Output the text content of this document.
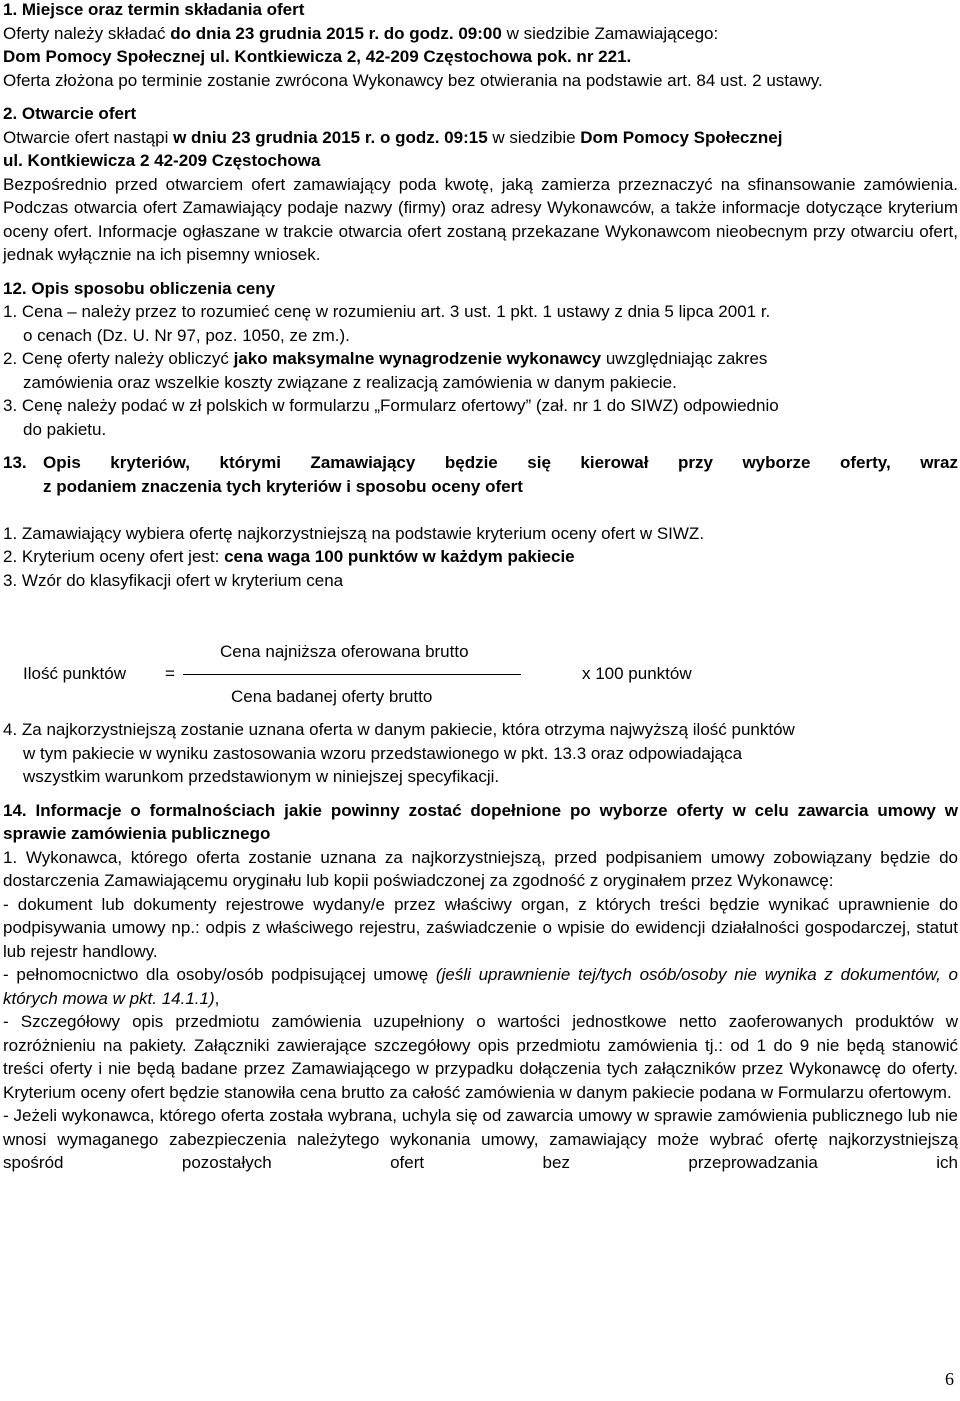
1. Miejsce oraz termin składania ofert

Oferty należy składać do dnia 23 grudnia 2015 r. do godz. 09:00 w siedzibie Zamawiającego:

Dom Pomocy Społecznej ul. Kontkiewicza 2, 42-209 Częstochowa pok. nr 221.

Oferta złożona po terminie zostanie zwrócona Wykonawcy bez otwierania na podstawie art. 84 ust. 2 ustawy.

2. Otwarcie ofert

Otwarcie ofert nastąpi w dniu 23 grudnia 2015 r. o godz. 09:15 w siedzibie Dom Pomocy Społecznej

ul. Kontkiewicza 2 42-209 Częstochowa

Bezpośrednio przed otwarciem ofert zamawiający poda kwotę, jaką zamierza przeznaczyć na sfinansowanie zamówienia. Podczas otwarcia ofert Zamawiający podaje nazwy (firmy) oraz adresy Wykonawców, a także informacje dotyczące kryterium oceny ofert. Informacje ogłaszane w trakcie otwarcia ofert zostaną przekazane Wykonawcom nieobecnym przy otwarciu ofert, jednak wyłącznie na ich pisemny wniosek.

12. Opis sposobu obliczenia ceny

1. Cena – należy przez to rozumieć cenę w rozumieniu art. 3 ust. 1 pkt. 1 ustawy z dnia 5 lipca 2001 r.

o cenach (Dz. U. Nr 97, poz. 1050, ze zm.).

2. Cenę oferty należy obliczyć jako maksymalne wynagrodzenie wykonawcy uwzględniając zakres

zamówienia oraz wszelkie koszty związane z realizacją zamówienia w danym pakiecie.

3. Cenę należy podać w zł polskich w formularzu „Formularz ofertowy” (zał. nr 1 do SIWZ) odpowiednio

do pakietu.

13. Opis kryteriów, którymi Zamawiający będzie się kierował przy wyborze oferty, wraz

z podaniem znaczenia tych kryteriów i sposobu oceny ofert

1. Zamawiający wybiera ofertę najkorzystniejszą na podstawie kryterium oceny ofert w SIWZ.

2. Kryterium oceny ofert jest: cena waga 100 punktów w każdym pakiecie

3. Wzór do klasyfikacji ofert w kryterium cena

Ilość punktów =
Cena najniższa oferowana brutto
Cena badanej oferty brutto
x 100 punktów

4. Za najkorzystniejszą zostanie uznana oferta w danym pakiecie, która otrzyma najwyższą ilość punktów

w tym pakiecie w wyniku zastosowania wzoru przedstawionego w pkt. 13.3 oraz odpowiadająca

wszystkim warunkom przedstawionym w niniejszej specyfikacji.

14. Informacje o formalnościach jakie powinny zostać dopełnione po wyborze oferty w celu zawarcia umowy w sprawie zamówienia publicznego

1. Wykonawca, którego oferta zostanie uznana za najkorzystniejszą, przed podpisaniem umowy zobowiązany będzie do dostarczenia Zamawiającemu oryginału lub kopii poświadczonej za zgodność z oryginałem przez Wykonawcę:

- dokument lub dokumenty rejestrowe wydany/e przez właściwy organ, z których treści będzie wynikać uprawnienie do podpisywania umowy np.: odpis z właściwego rejestru, zaświadczenie o wpisie do ewidencji działalności gospodarczej, statut lub rejestr handlowy.

- pełnomocnictwo dla osoby/osób podpisującej umowę (jeśli uprawnienie tej/tych osób/osoby nie wynika z dokumentów, o których mowa w pkt. 14.1.1),

- Szczegółowy opis przedmiotu zamówienia uzupełniony o wartości jednostkowe netto zaoferowanych produktów w rozróżnieniu na pakiety. Załączniki zawierające szczegółowy opis przedmiotu zamówienia tj.: od 1 do 9 nie będą stanowić treści oferty i nie będą badane przez Zamawiającego w przypadku dołączenia tych załączników przez Wykonawcę do oferty. Kryterium oceny ofert będzie stanowiła cena brutto za całość zamówienia w danym pakiecie podana w Formularzu ofertowym.

- Jeżeli wykonawca, którego oferta została wybrana, uchyla się od zawarcia umowy w sprawie zamówienia publicznego lub nie wnosi wymaganego zabezpieczenia należytego wykonania umowy, zamawiający może wybrać ofertę najkorzystniejszą spośród pozostałych ofert bez przeprowadzania ich

6
